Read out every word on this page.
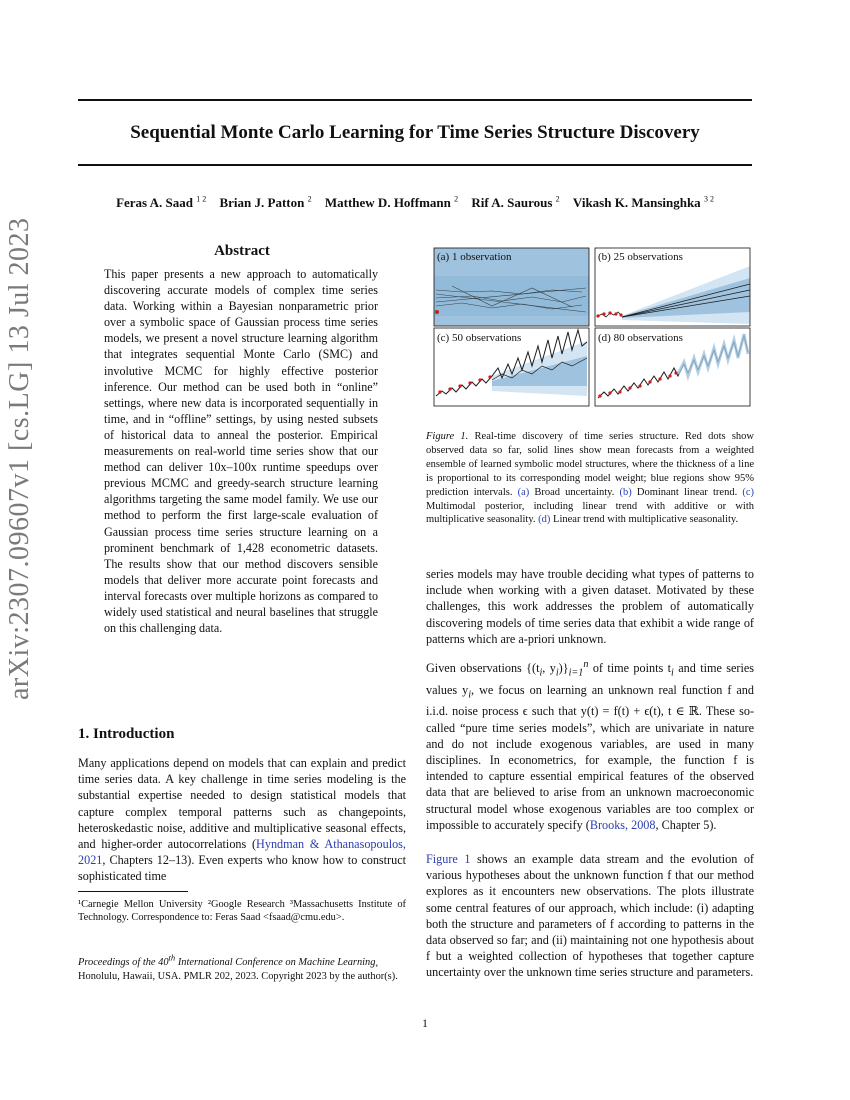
Sequential Monte Carlo Learning for Time Series Structure Discovery
Feras A. Saad $^{1 2}$ Brian J. Patton $^2$ Matthew D. Hoffmann $^2$ Rif A. Saurous $^2$ Vikash K. Mansinghka $^{3 2}$
arXiv:2307.09607v1 [cs.LG] 13 Jul 2023	Abstract
This paper presents a new approach to automatically discovering accurate models of complex time series data. Working within a Bayesian nonparametric prior over a symbolic space of Gaussian process time series models, we present a novel structure learning algorithm that integrates sequential Monte Carlo (SMC) and involutive MCMC for highly effective posterior inference. Our method can be used both in “online” settings, where new data is incorporated sequentially in time, and in “offline” settings, by using nested subsets of historical data to anneal the posterior. Empirical measurements on real-world time series show that our method can deliver 10x–100x runtime speedups over previous MCMC and greedy-search structure learning algorithms targeting the same model family. We use our method to perform the first large-scale evaluation of Gaussian process time series structure learning on a prominent benchmark of 1,428 econometric datasets. The results show that our method discovers sensible models that deliver more accurate point forecasts and interval forecasts over multiple horizons as compared to widely used statistical and neural baselines that struggle on this challenging data.
1. Introduction

Many applications depend on models that can explain and predict time series data. A key challenge in time series modeling is the substantial expertise needed to design statistical models that capture complex temporal patterns such as changepoints, heteroskedastic noise, additive and multiplicative seasonal effects, and higher-order autocorrelations (Hyndman & Athanasopoulos, 2021, Chapters 12–13). Even experts who know how to construct sophisticated time

¹Carnegie Mellon University ²Google Research ³Massachusetts Institute of Technology. Correspondence to: Feras Saad <fsaad@cmu.edu>.
Proceedings of the 40th International Conference on Machine Learning, Honolulu, Hawaii, USA. PMLR 202, 2023. Copyright 2023 by the author(s).
(a) 1 observation	(b) 25 observations
(c) 50 observations	(d) 80 observations
Figure 1. Real-time discovery of time series structure. Red dots show observed data so far, solid lines show mean forecasts from a weighted ensemble of learned symbolic model structures, where the thickness of a line is proportional to its corresponding model weight; blue regions show 95% prediction intervals. (a) Broad uncertainty. (b) Dominant linear trend. (c) Multimodal posterior, including linear trend with additive or with multiplicative seasonality. (d) Linear trend with multiplicative seasonality.

series models may have trouble deciding what types of patterns to include when working with a given dataset. Motivated by these challenges, this work addresses the problem of automatically discovering models of time series data that exhibit a wide range of patterns which are a-priori unknown.

Given observations {($t_i$, $y_i)\}_{i=1}^n$ of time points $t_i$ and time series values $y_i$, we focus on learning an unknown real function f and i.i.d. noise process ϵ such that y(t) = f(t) + ϵ(t), t ∈ ℝ. These so-called “pure time series models”, which are univariate in nature and do not include exogenous variables, are used in many disciplines. In econometrics, for example, the function f is intended to capture essential empirical features of the observed data that are believed to arise from an unknown macroeconomic structural model whose exogenous variables are too complex or impossible to accurately specify (Brooks, 2008, Chapter 5).

Figure 1 shows an example data stream and the evolution of various hypotheses about the unknown function f that our method explores as it encounters new observations. The plots illustrate some central features of our approach, which include: (i) adapting both the structure and parameters of f according to patterns in the data observed so far; and (ii) maintaining not one hypothesis about f but a weighted collection of hypotheses that together capture uncertainty over the unknown time series structure and parameters.

1
